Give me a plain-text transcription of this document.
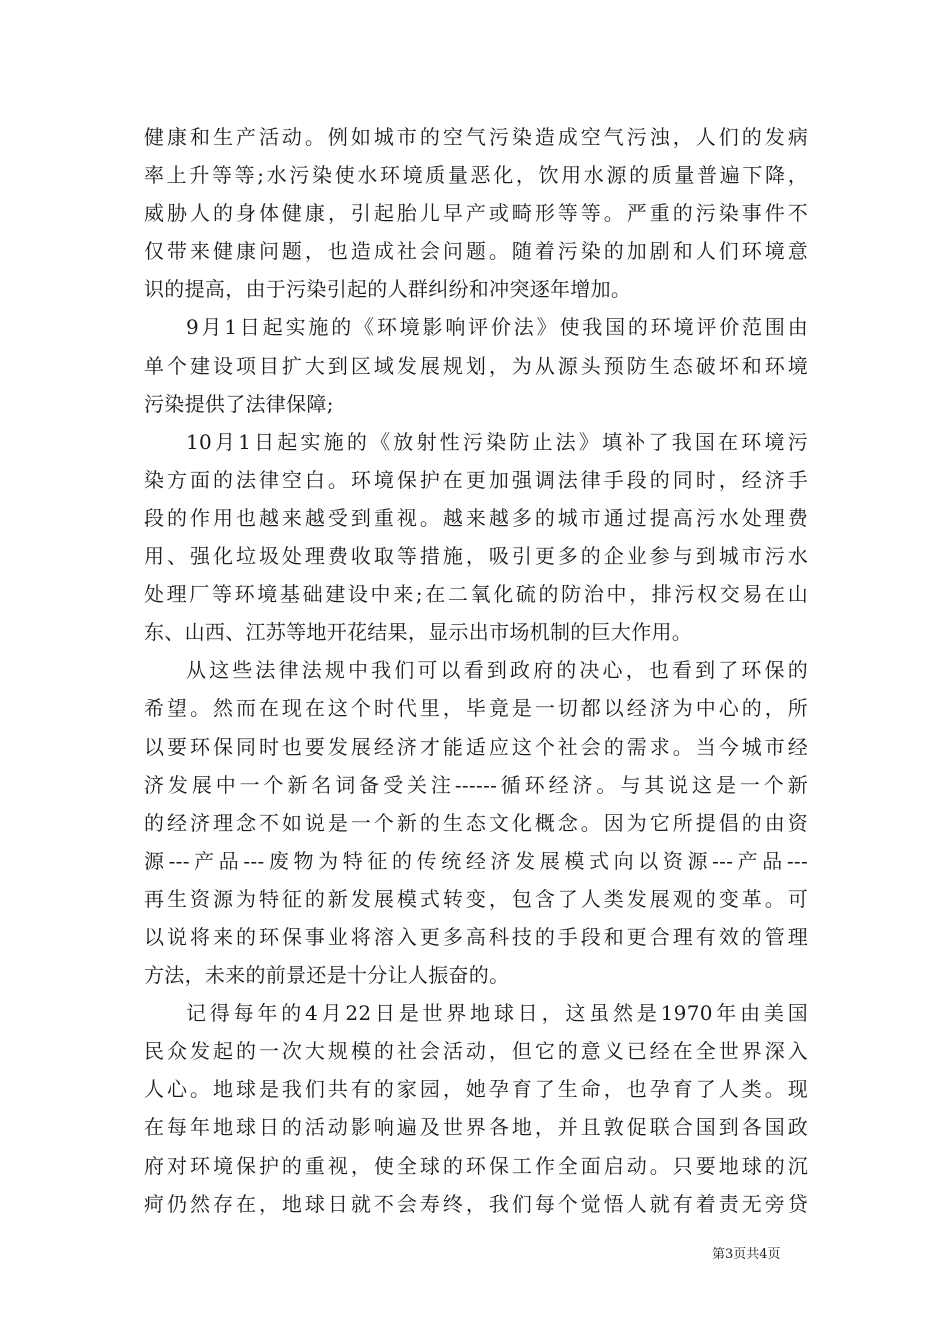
健康和生产活动。例如城市的空气污染造成空气污浊，人们的发病
率上升等等;水污染使水环境质量恶化，饮用水源的质量普遍下降，
威胁人的身体健康，引起胎儿早产或畸形等等。严重的污染事件不
仅带来健康问题，也造成社会问题。随着污染的加剧和人们环境意
识的提高，由于污染引起的人群纠纷和冲突逐年增加。
9月1日起实施的《环境影响评价法》使我国的环境评价范围由
单个建设项目扩大到区域发展规划，为从源头预防生态破坏和环境
污染提供了法律保障;
10月1日起实施的《放射性污染防止法》填补了我国在环境污
染方面的法律空白。环境保护在更加强调法律手段的同时，经济手
段的作用也越来越受到重视。越来越多的城市通过提高污水处理费
用、强化垃圾处理费收取等措施，吸引更多的企业参与到城市污水
处理厂等环境基础建设中来;在二氧化硫的防治中，排污权交易在山
东、山西、江苏等地开花结果，显示出市场机制的巨大作用。
从这些法律法规中我们可以看到政府的决心，也看到了环保的
希望。然而在现在这个时代里，毕竟是一切都以经济为中心的，所
以要环保同时也要发展经济才能适应这个社会的需求。当今城市经
济发展中一个新名词备受关注------循环经济。与其说这是一个新
的经济理念不如说是一个新的生态文化概念。因为它所提倡的由资
源---产品---废物为特征的传统经济发展模式向以资源---产品---
再生资源为特征的新发展模式转变，包含了人类发展观的变革。可
以说将来的环保事业将溶入更多高科技的手段和更合理有效的管理
方法，未来的前景还是十分让人振奋的。
记得每年的4月22日是世界地球日，这虽然是1970年由美国
民众发起的一次大规模的社会活动，但它的意义已经在全世界深入
人心。地球是我们共有的家园，她孕育了生命，也孕育了人类。现
在每年地球日的活动影响遍及世界各地，并且敦促联合国到各国政
府对环境保护的重视，使全球的环保工作全面启动。只要地球的沉
疴仍然存在，地球日就不会寿终，我们每个觉悟人就有着责无旁贷
第3页共4页
